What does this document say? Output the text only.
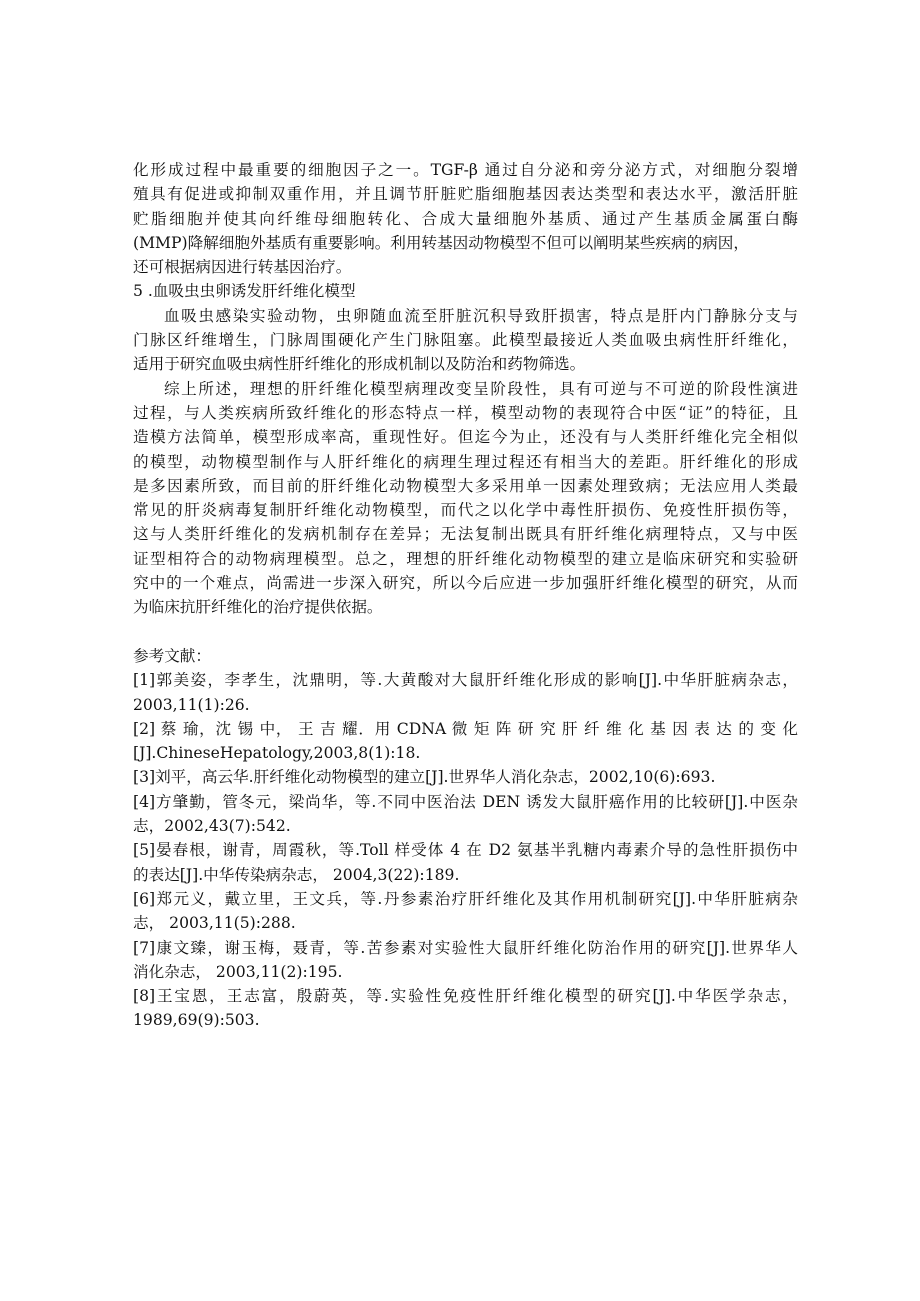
化形成过程中最重要的细胞因子之一。TGF-β 通过自分泌和旁分泌方式，对细胞分裂增
殖具有促进或抑制双重作用，并且调节肝脏贮脂细胞基因表达类型和表达水平，激活肝脏
贮脂细胞并使其向纤维母细胞转化、合成大量细胞外基质、通过产生基质金属蛋白酶
(MMP)降解细胞外基质有重要影响。利用转基因动物模型不但可以阐明某些疾病的病因，
还可根据病因进行转基因治疗。
5 .血吸虫虫卵诱发肝纤维化模型
血吸虫感染实验动物，虫卵随血流至肝脏沉积导致肝损害，特点是肝内门静脉分支与
门脉区纤维增生，门脉周围硬化产生门脉阻塞。此模型最接近人类血吸虫病性肝纤维化，
适用于研究血吸虫病性肝纤维化的形成机制以及防治和药物筛选。
综上所述，理想的肝纤维化模型病理改变呈阶段性，具有可逆与不可逆的阶段性演进
过程，与人类疾病所致纤维化的形态特点一样，模型动物的表现符合中医“证”的特征，且
造模方法简单，模型形成率高，重现性好。但迄今为止，还没有与人类肝纤维化完全相似
的模型，动物模型制作与人肝纤维化的病理生理过程还有相当大的差距。肝纤维化的形成
是多因素所致，而目前的肝纤维化动物模型大多采用单一因素处理致病；无法应用人类最
常见的肝炎病毒复制肝纤维化动物模型，而代之以化学中毒性肝损伤、免疫性肝损伤等，
这与人类肝纤维化的发病机制存在差异；无法复制出既具有肝纤维化病理特点，又与中医
证型相符合的动物病理模型。总之，理想的肝纤维化动物模型的建立是临床研究和实验研
究中的一个难点，尚需进一步深入研究，所以今后应进一步加强肝纤维化模型的研究，从而
为临床抗肝纤维化的治疗提供依据。
参考文献：
[1]郭美姿，李孝生，沈鼎明，等.大黄酸对大鼠肝纤维化形成的影响[J].中华肝脏病杂志，
2003,11(1):26.
[2] 蔡 瑜，沈 锡 中， 王 吉 耀．用 CDNA 微 矩 阵 研 究 肝 纤 维 化 基 因 表 达 的 变 化
[J].ChineseHepatology,2003,8(1):18.
[3]刘平，高云华.肝纤维化动物模型的建立[J].世界华人消化杂志，2002,10(6):693.
[4]方肇勤，管冬元，梁尚华，等.不同中医治法 DEN 诱发大鼠肝癌作用的比较研[J].中医杂
志，2002,43(7):542.
[5]晏春根，谢青，周霞秋，等.Toll 样受体 4 在 D2 氨基半乳糖内毒素介导的急性肝损伤中
的表达[J].中华传染病杂志， 2004,3(22):189.
[6]郑元义，戴立里，王文兵，等.丹参素治疗肝纤维化及其作用机制研究[J].中华肝脏病杂
志， 2003,11(5):288.
[7]康文臻，谢玉梅，聂青，等.苦参素对实验性大鼠肝纤维化防治作用的研究[J].世界华人
消化杂志， 2003,11(2):195.
[8]王宝恩，王志富，殷蔚英，等.实验性免疫性肝纤维化模型的研究[J].中华医学杂志，
1989,69(9):503.
